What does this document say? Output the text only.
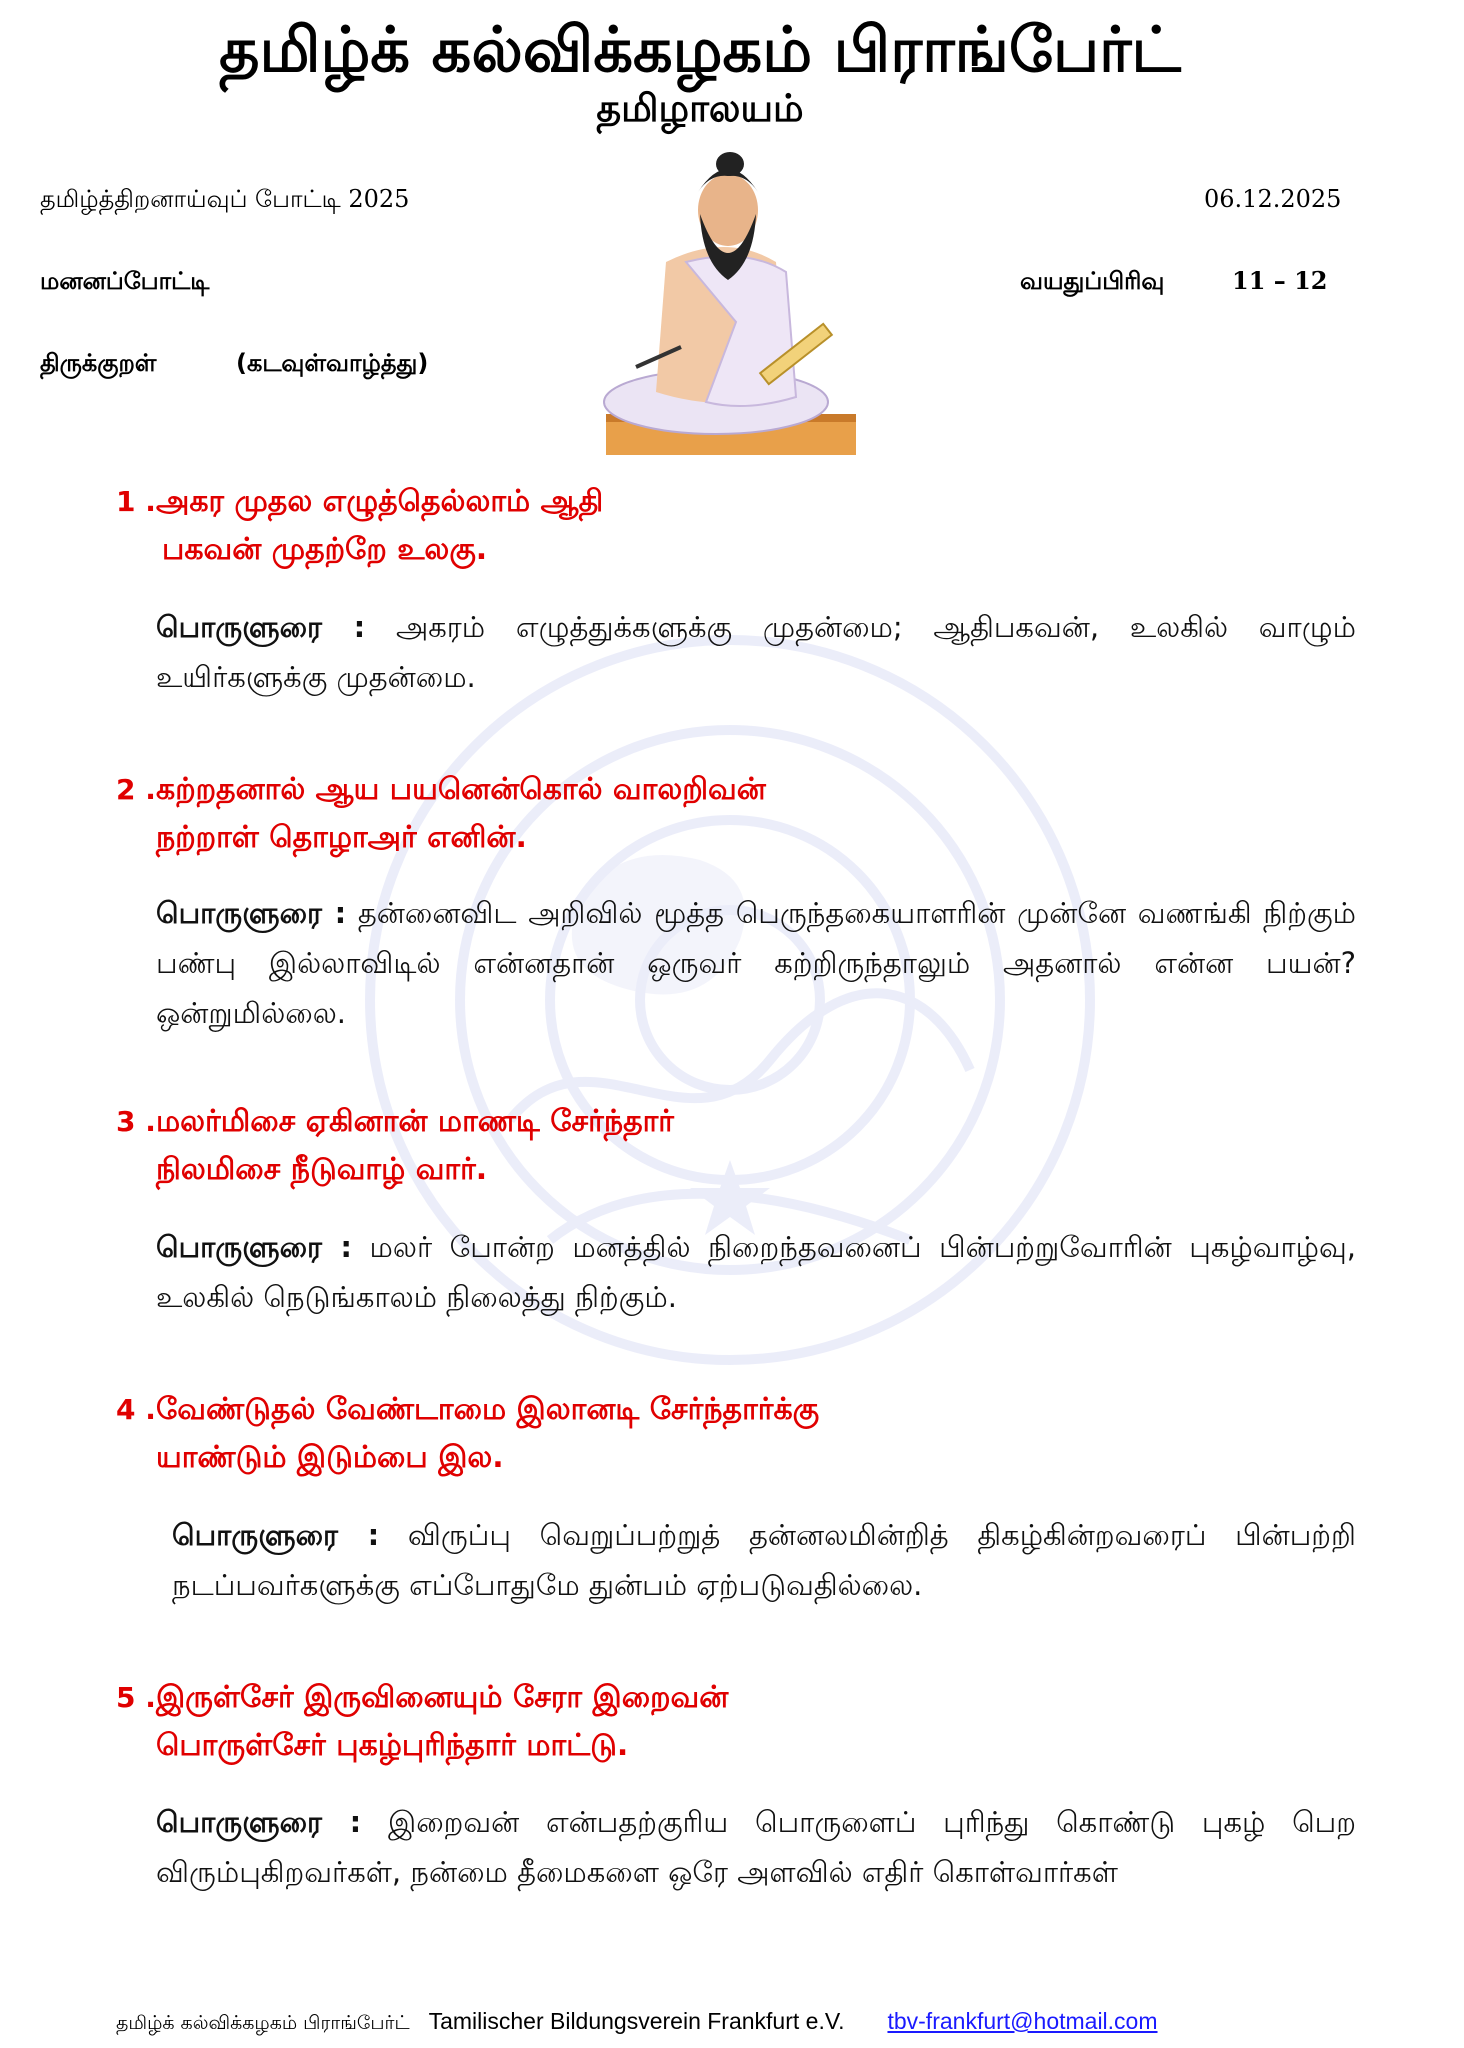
தமிழ்க் கல்விக்கழகம் பிராங்பேர்ட்
தமிழாலயம்
தமிழ்த்திறனாய்வுப் போட்டி 2025	06.12.2025
மனனப்போட்டி	வயதுப்பிரிவு	11 – 12
திருக்குறள்	(கடவுள்வாழ்த்து)
1 . அகர முதல எழுத்தெல்லாம் ஆதி
பகவன் முதற்றே உலகு.
பொருளுரை : அகரம் எழுத்துக்களுக்கு முதன்மை; ஆதிபகவன், உலகில் வாழும் உயிர்களுக்கு முதன்மை.
2 . கற்றதனால் ஆய பயனென்கொல் வாலறிவன்
நற்றாள் தொழாஅர் எனின்.
பொருளுரை : தன்னைவிட அறிவில் மூத்த பெருந்தகையாளரின் முன்னே வணங்கி நிற்கும் பண்பு இல்லாவிடில் என்னதான் ஒருவர் கற்றிருந்தாலும் அதனால் என்ன பயன்? ஒன்றுமில்லை.
3 . மலர்மிசை ஏகினான் மாணடி சேர்ந்தார்
நிலமிசை நீடுவாழ் வார்.
பொருளுரை : மலர் போன்ற மனத்தில் நிறைந்தவனைப் பின்பற்றுவோரின் புகழ்வாழ்வு, உலகில் நெடுங்காலம் நிலைத்து நிற்கும்.
4 . வேண்டுதல் வேண்டாமை இலானடி சேர்ந்தார்க்கு
யாண்டும் இடும்பை இல.
பொருளுரை : விருப்பு வெறுப்பற்றுத் தன்னலமின்றித் திகழ்கின்றவரைப் பின்பற்றி நடப்பவர்களுக்கு எப்போதுமே துன்பம் ஏற்படுவதில்லை.
5 . இருள்சேர் இருவினையும் சேரா இறைவன்
பொருள்சேர் புகழ்புரிந்தார் மாட்டு.
பொருளுரை : இறைவன் என்பதற்குரிய பொருளைப் புரிந்து கொண்டு புகழ் பெற விரும்புகிறவர்கள், நன்மை தீமைகளை ஒரே அளவில் எதிர் கொள்வார்கள்
தமிழ்க் கல்விக்கழகம் பிராங்பேர்ட் Tamilischer Bildungsverein Frankfurt e.V. tbv-frankfurt@hotmail.com
